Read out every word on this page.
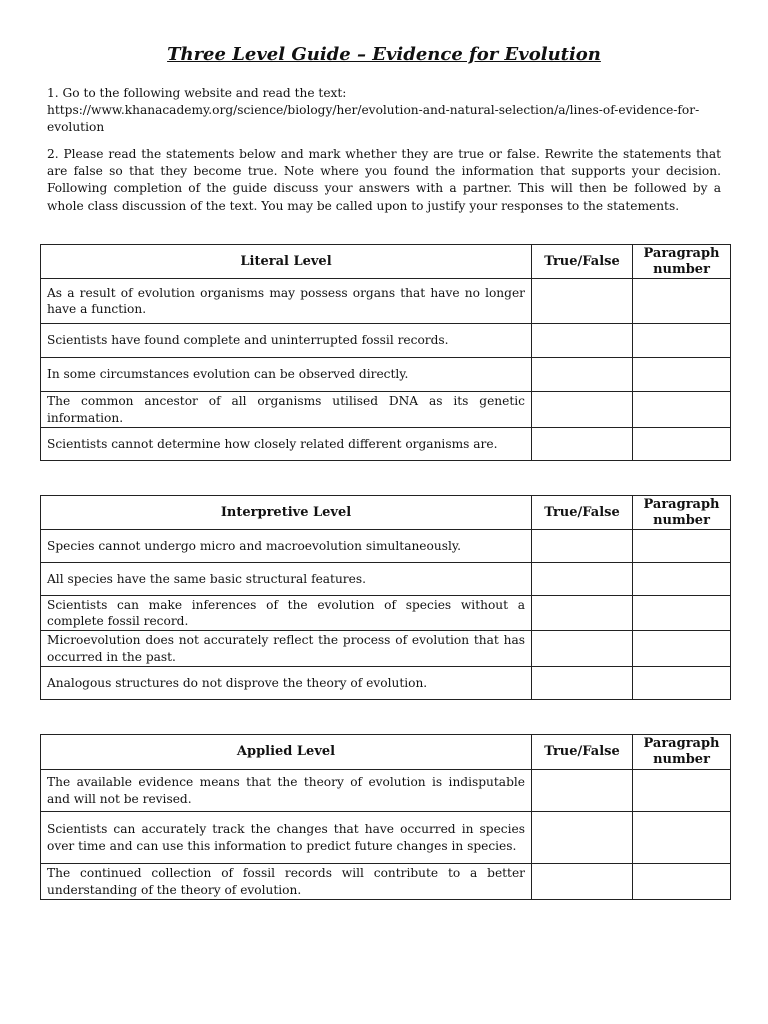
Three Level Guide – Evidence for Evolution
1. Go to the following website and read the text:
https://www.khanacademy.org/science/biology/her/evolution-and-natural-selection/a/lines-of-evidence-for-evolution
2. Please read the statements below and mark whether they are true or false. Rewrite the statements that are false so that they become true. Note where you found the information that supports your decision. Following completion of the guide discuss your answers with a partner. This will then be followed by a whole class discussion of the text. You may be called upon to justify your responses to the statements.
Literal Level	True/False	Paragraph number
As a result of evolution organisms may possess organs that have no longer have a function.		
Scientists have found complete and uninterrupted fossil records.		
In some circumstances evolution can be observed directly.		
The common ancestor of all organisms utilised DNA as its genetic information.		
Scientists cannot determine how closely related different organisms are.		
Interpretive Level	True/False	Paragraph number
Species cannot undergo micro and macroevolution simultaneously.		
All species have the same basic structural features.		
Scientists can make inferences of the evolution of species without a complete fossil record.		
Microevolution does not accurately reflect the process of evolution that has occurred in the past.		
Analogous structures do not disprove the theory of evolution.		
Applied Level	True/False	Paragraph number
The available evidence means that the theory of evolution is indisputable and will not be revised.		
Scientists can accurately track the changes that have occurred in species over time and can use this information to predict future changes in species.		
The continued collection of fossil records will contribute to a better understanding of the theory of evolution.		
